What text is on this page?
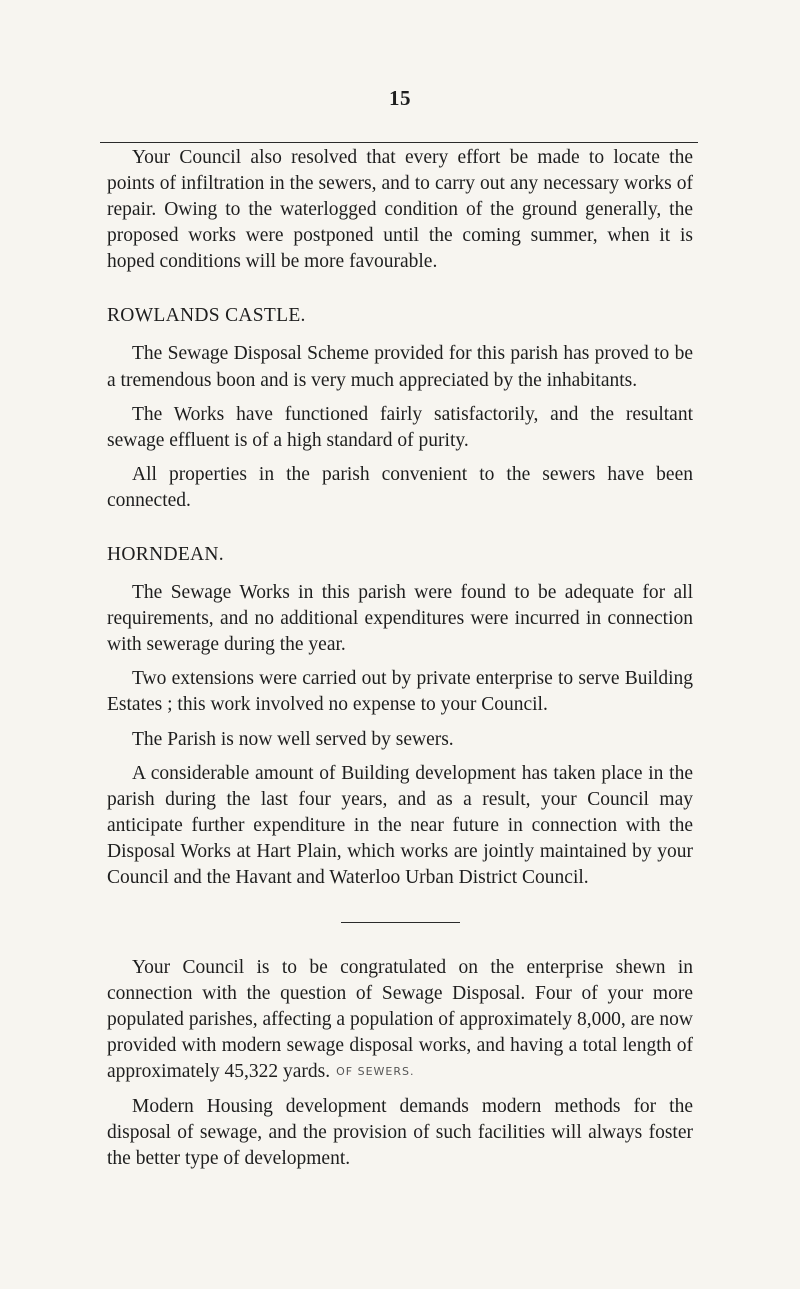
15

Your Council also resolved that every effort be made to locate the points of infiltration in the sewers, and to carry out any necessary works of repair. Owing to the waterlogged condition of the ground generally, the proposed works were postponed until the coming summer, when it is hoped conditions will be more favourable.

ROWLANDS CASTLE.

The Sewage Disposal Scheme provided for this parish has proved to be a tremendous boon and is very much appreciated by the inhabitants.

The Works have functioned fairly satisfactorily, and the resultant sewage effluent is of a high standard of purity.

All properties in the parish convenient to the sewers have been connected.

HORNDEAN.

The Sewage Works in this parish were found to be adequate for all requirements, and no additional expenditures were incurred in connection with sewerage during the year.

Two extensions were carried out by private enterprise to serve Building Estates ; this work involved no expense to your Council.

The Parish is now well served by sewers.

A considerable amount of Building development has taken place in the parish during the last four years, and as a result, your Council may anticipate further expenditure in the near future in connection with the Disposal Works at Hart Plain, which works are jointly maintained by your Council and the Havant and Waterloo Urban District Council.

Your Council is to be congratulated on the enterprise shewn in connection with the question of Sewage Disposal. Four of your more populated parishes, affecting a population of approximately 8,000, are now provided with modern sewage disposal works, and having a total length of approximately 45,322 yards. OF SEWERS.

Modern Housing development demands modern methods for the disposal of sewage, and the provision of such facilities will always foster the better type of development.
